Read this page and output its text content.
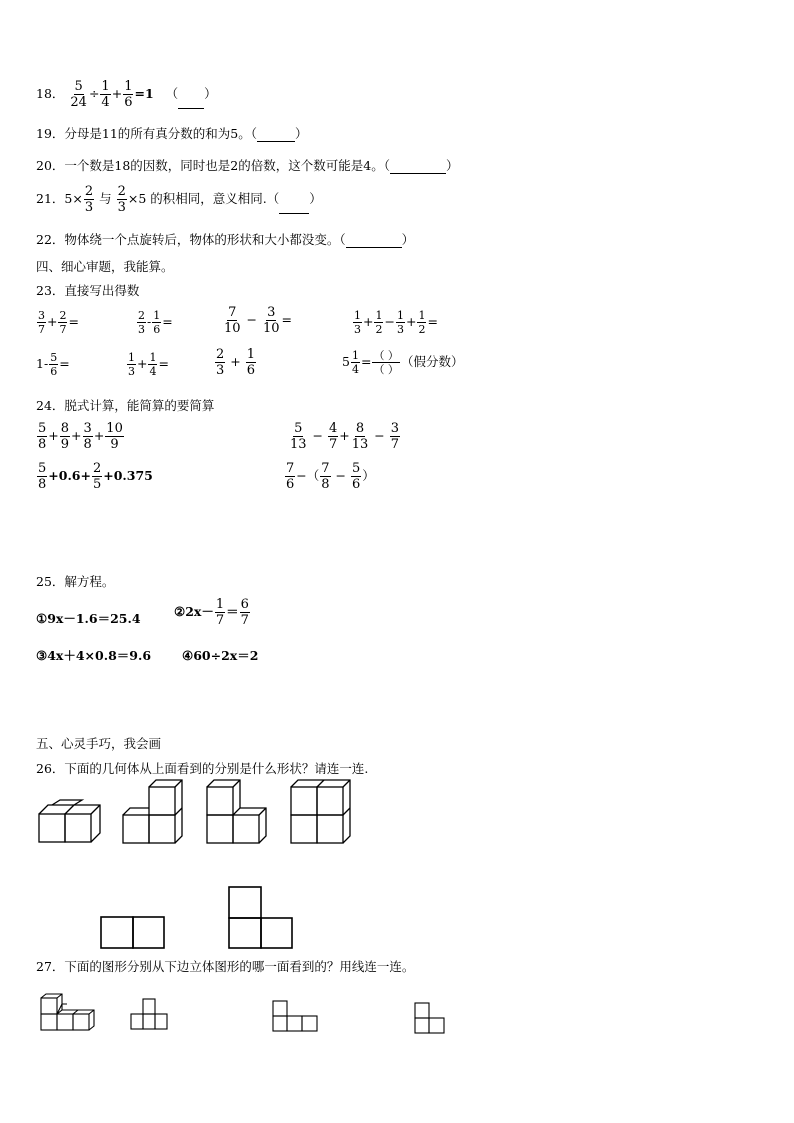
18． $\frac{5}{24} \div \frac{1}{4} + \frac{1}{6} =1$ （ ）
19．分母是11的所有真分数的和为5。（	）
20．一个数是18的因数，同时也是2的倍数，这个数可能是4。（	）
21．$5\times \frac{2}{3}$ 与 $\frac{2}{3} \times 5$ 的积相同，意义相同.（ ）
22．物体绕一个点旋转后，物体的形状和大小都没变。（	）
四、细心审题，我能算。
23．直接写出得数
$\frac{3}{7} + \frac{2}{7}$ =	$\frac{2}{3} - \frac{1}{6}$ =	$\frac{7}{10} - \frac{3}{10}$ =	$\frac{1}{3} + \frac{1}{2} - \frac{1}{3} + \frac{1}{2}$ =
$1- \frac{5}{6}$ =	$\frac{1}{3} + \frac{1}{4}$ =	$\frac{2}{3} + \frac{1}{6}$	$5 \frac{1}{4} = \frac{( )}{( )}$ （假分数）
24．脱式计算，能简算的要简算
$\frac{5}{8} + \frac{8}{9} + \frac{3}{8} + \frac{10}{9}$	$\frac{5}{13} - \frac{4}{7} + \frac{8}{13} - \frac{3}{7}$
$\frac{5}{8} +0.6+ \frac{2}{5} +0.375$	$\frac{7}{6}$ −（ $\frac{7}{8} - \frac{5}{6}$ ）
25．解方程。
①9x－1.6＝25.4	②2x－ $\frac{1}{7} = \frac{6}{7}$
③4x＋4×0.8＝9.6 ④60÷2x＝2
五、心灵手巧，我会画
26．下面的几何体从上面看到的分别是什么形状？请连一连.
27．下面的图形分别从下边立体图形的哪一面看到的？用线连一连。
